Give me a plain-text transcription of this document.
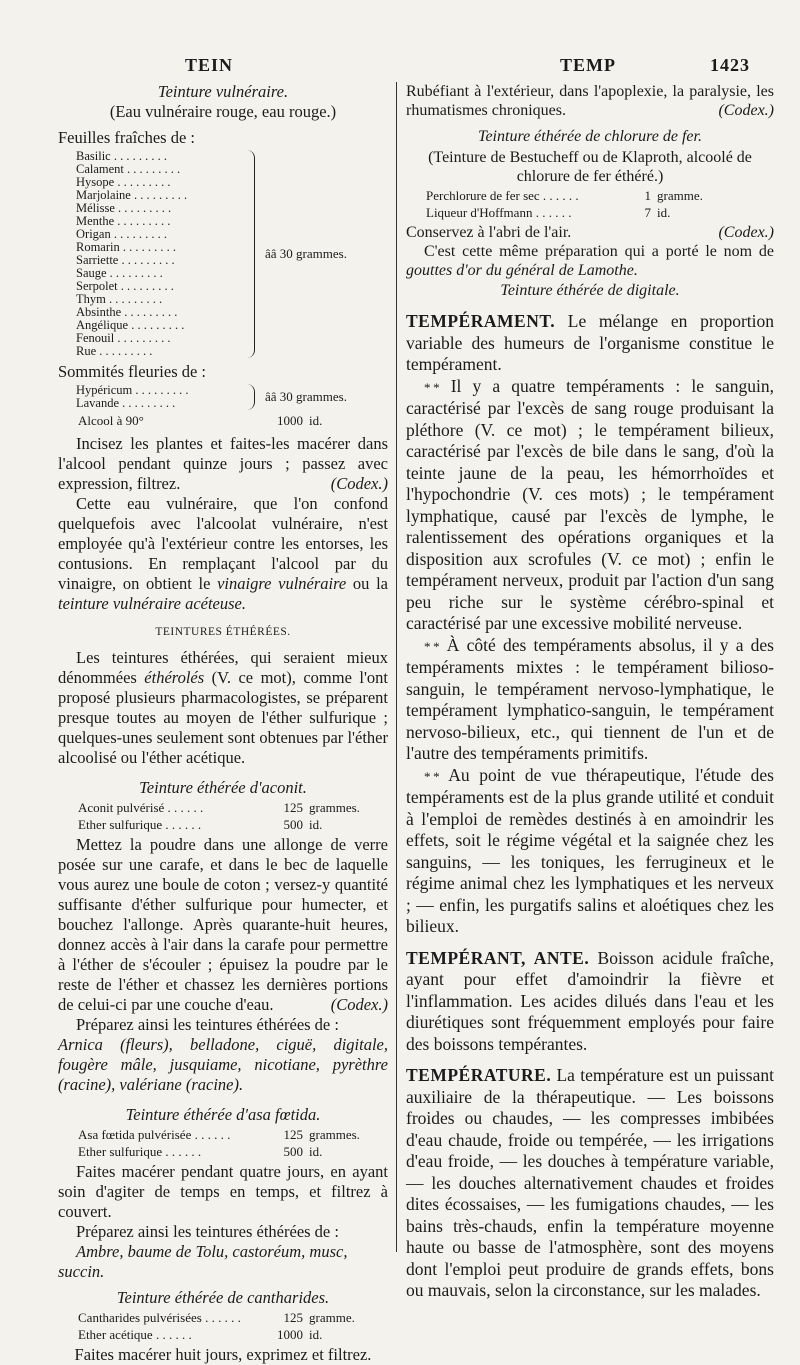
TEIN	TEMP	1423

Teinture vulnéraire.

(Eau vulnéraire rouge, eau rouge.)

Feuilles fraîches de :

Basilic . . . . . . . . .
Calament . . . . . . . . .
Hysope . . . . . . . . .
Marjolaine . . . . . . . . .
Mélisse . . . . . . . . .
Menthe . . . . . . . . .
Origan . . . . . . . . .
Romarin . . . . . . . . .
Sarriette . . . . . . . . .
Sauge . . . . . . . . .
Serpolet . . . . . . . . .
Thym . . . . . . . . .
Absinthe . . . . . . . . .
Angélique . . . . . . . . .
Fenouil . . . . . . . . .
Rue . . . . . . . . .
ââ 30 grammes.

Sommités fleuries de :

Hypéricum . . . . . . . . .
Lavande . . . . . . . . .	ââ 30 grammes.
Alcool à 90°	1000 id.

Incisez les plantes et faites-les macérer dans l'alcool pendant quinze jours ; passez avec expression, filtrez.	(Codex.)

Cette eau vulnéraire, que l'on confond quelquefois avec l'alcoolat vulnéraire, n'est employée qu'à l'extérieur contre les entorses, les contusions. En remplaçant l'alcool par du vinaigre, on obtient le vinaigre vulnéraire ou la teinture vulnéraire acéteuse.

TEINTURES ÉTHÉRÉES.

Les teintures éthérées, qui seraient mieux dénommées éthérolés (V. ce mot), comme l'ont proposé plusieurs pharmacologistes, se préparent presque toutes au moyen de l'éther sulfurique ; quelques-unes seulement sont obtenues par l'éther alcoolisé ou l'éther acétique.

Teinture éthérée d'aconit.

Aconit pulvérisé . . . . . .	125 grammes.
Ether sulfurique . . . . . .	500 id.

Mettez la poudre dans une allonge de verre posée sur une carafe, et dans le bec de laquelle vous aurez une boule de coton ; versez-y quantité suffisante d'éther sulfurique pour humecter, et bouchez l'allonge. Après quarante-huit heures, donnez accès à l'air dans la carafe pour permettre à l'éther de s'écouler ; épuisez la poudre par le reste de l'éther et chassez les dernières portions de celui-ci par une couche d'eau.	(Codex.)

Préparez ainsi les teintures éthérées de :

Arnica (fleurs), belladone, ciguë, digitale, fougère mâle, jusquiame, nicotiane, pyrèthre (racine), valériane (racine).

Teinture éthérée d'asa fœtida.

Asa fœtida pulvérisée . . . . . .	125 grammes.
Ether sulfurique . . . . . .	500 id.

Faites macérer pendant quatre jours, en ayant soin d'agiter de temps en temps, et filtrez à couvert.

Préparez ainsi les teintures éthérées de :

Ambre, baume de Tolu, castoréum, musc, succin.

Teinture éthérée de cantharides.

Cantharides pulvérisées . . . . . .	125 gramme.
Ether acétique . . . . . .	1000 id.

Faites macérer huit jours, exprimez et filtrez.

Rubéfiant à l'extérieur, dans l'apoplexie, la paralysie, les rhumatismes chroniques.	(Codex.)

Teinture éthérée de chlorure de fer.

(Teinture de Bestucheff ou de Klaproth, alcoolé de chlorure de fer éthéré.)

Perchlorure de fer sec . . . . . .	1 gramme.
Liqueur d'Hoffmann . . . . . .	7 id.

Conservez à l'abri de l'air.	(Codex.)

C'est cette même préparation qui a porté le nom de gouttes d'or du général de Lamothe.

Teinture éthérée de digitale.

TEMPÉRAMENT. Le mélange en proportion variable des humeurs de l'organisme constitue le tempérament.

* * Il y a quatre tempéraments : le sanguin, caractérisé par l'excès de sang rouge produisant la pléthore (V. ce mot) ; le tempérament bilieux, caractérisé par l'excès de bile dans le sang, d'où la teinte jaune de la peau, les hémorrhoïdes et l'hypochondrie (V. ces mots) ; le tempérament lymphatique, causé par l'excès de lymphe, le ralentissement des opérations organiques et la disposition aux scrofules (V. ce mot) ; enfin le tempérament nerveux, produit par l'action d'un sang peu riche sur le système cérébro-spinal et caractérisé par une excessive mobilité nerveuse.

* * À côté des tempéraments absolus, il y a des tempéraments mixtes : le tempérament bilioso-sanguin, le tempérament nervoso-lymphatique, le tempérament lymphatico-sanguin, le tempérament nervoso-bilieux, etc., qui tiennent de l'un et de l'autre des tempéraments primitifs.

* * Au point de vue thérapeutique, l'étude des tempéraments est de la plus grande utilité et conduit à l'emploi de remèdes destinés à en amoindrir les effets, soit le régime végétal et la saignée chez les sanguins, — les toniques, les ferrugineux et le régime animal chez les lymphatiques et les nerveux ; — enfin, les purgatifs salins et aloétiques chez les bilieux.

TEMPÉRANT, ANTE. Boisson acidule fraîche, ayant pour effet d'amoindrir la fièvre et l'inflammation. Les acides dilués dans l'eau et les diurétiques sont fréquemment employés pour faire des boissons tempérantes.

TEMPÉRATURE. La température est un puissant auxiliaire de la thérapeutique. — Les boissons froides ou chaudes, — les compresses imbibées d'eau chaude, froide ou tempérée, — les irrigations d'eau froide, — les douches à température variable, — les douches alternativement chaudes et froides dites écossaises, — les fumigations chaudes, — les bains très-chauds, enfin la température moyenne haute ou basse de l'atmosphère, sont des moyens dont l'emploi peut produire de grands effets, bons ou mauvais, selon la circonstance, sur les malades.
